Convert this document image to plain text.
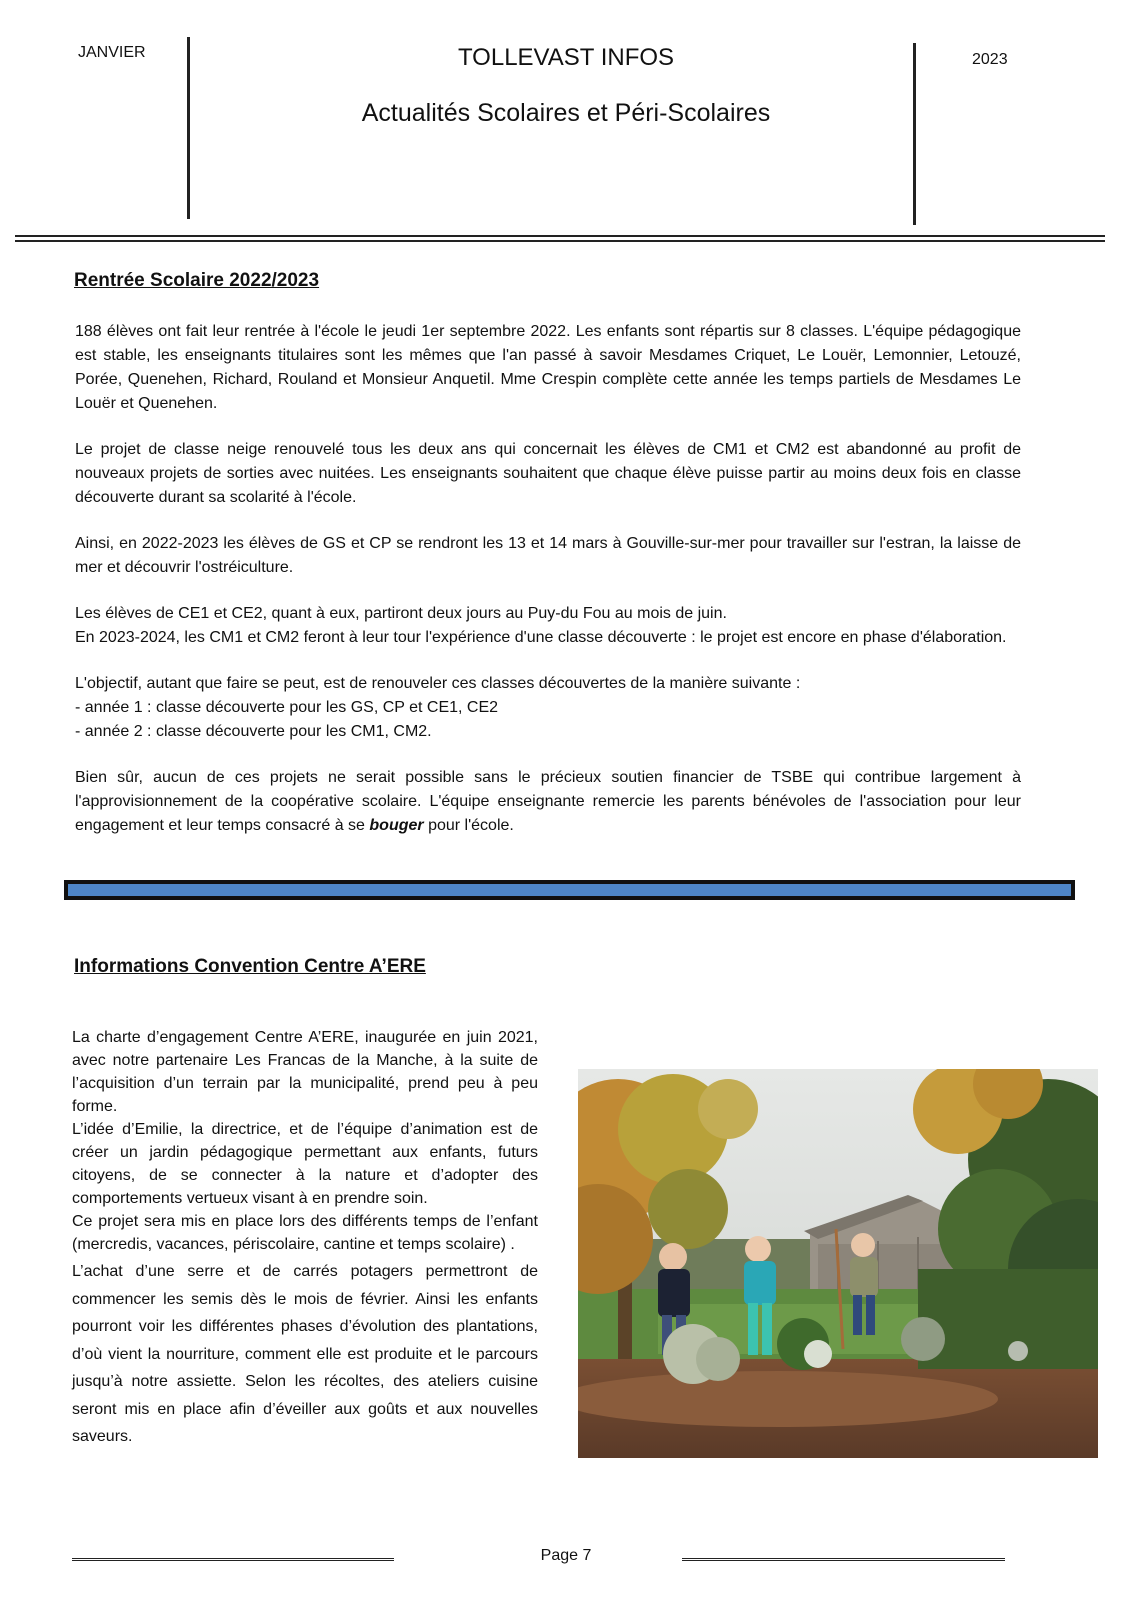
JANVIER	TOLLEVAST INFOS
Actualités Scolaires et Péri-Scolaires
2023
Rentrée Scolaire 2022/2023

188 élèves ont fait leur rentrée à l'école le jeudi 1er septembre 2022. Les enfants sont répartis sur 8 classes. L'équipe pédagogique est stable, les enseignants titulaires sont les mêmes que l'an passé à savoir Mesdames Criquet, Le Louër, Lemonnier, Letouzé, Porée, Quenehen, Richard, Rouland et Monsieur Anquetil. Mme Crespin complète cette année les temps partiels de Mesdames Le Louër et Quenehen.

Le projet de classe neige renouvelé tous les deux ans qui concernait les élèves de CM1 et CM2 est abandonné au profit de nouveaux projets de sorties avec nuitées. Les enseignants souhaitent que chaque élève puisse partir au moins deux fois en classe découverte durant sa scolarité à l'école.

Ainsi, en 2022-2023 les élèves de GS et CP se rendront les 13 et 14 mars à Gouville-sur-mer pour travailler sur l'estran, la laisse de mer et découvrir l'ostréiculture.

Les élèves de CE1 et CE2, quant à eux, partiront deux jours au Puy-du Fou au mois de juin.

En 2023-2024, les CM1 et CM2 feront à leur tour l'expérience d'une classe découverte : le projet est encore en phase d'élaboration.

L'objectif, autant que faire se peut, est de renouveler ces classes découvertes de la manière suivante :

- année 1 : classe découverte pour les GS, CP et CE1, CE2

- année 2 : classe découverte pour les CM1, CM2.

Bien sûr, aucun de ces projets ne serait possible sans le précieux soutien financier de TSBE qui contribue largement à l'approvisionnement de la coopérative scolaire. L'équipe enseignante remercie les parents bénévoles de l'association pour leur engagement et leur temps consacré à se bouger pour l'école.

Informations Convention Centre A’ERE

La charte d’engagement Centre A’ERE, inaugurée en juin 2021, avec notre partenaire Les Francas de la Manche, à la suite de l’acquisition d’un terrain par la municipalité, prend peu à peu forme.

L’idée d’Emilie, la directrice, et de l’équipe d’animation est de créer un jardin pédagogique permettant aux enfants, futurs citoyens, de se connecter à la nature et d’adopter des comportements vertueux visant à en prendre soin.

Ce projet sera mis en place lors des différents temps de l’enfant (mercredis, vacances, périscolaire, cantine et temps scolaire) .

L’achat d’une serre et de carrés potagers permettront de commencer les semis dès le mois de février. Ainsi les enfants pourront voir les différentes phases d’évolution des plantations, d’où vient la nourriture, comment elle est produite et le parcours jusqu’à notre assiette. Selon les récoltes, des ateliers cuisine seront mis en place afin d’éveiller aux goûts et aux nouvelles saveurs.

Page 7
